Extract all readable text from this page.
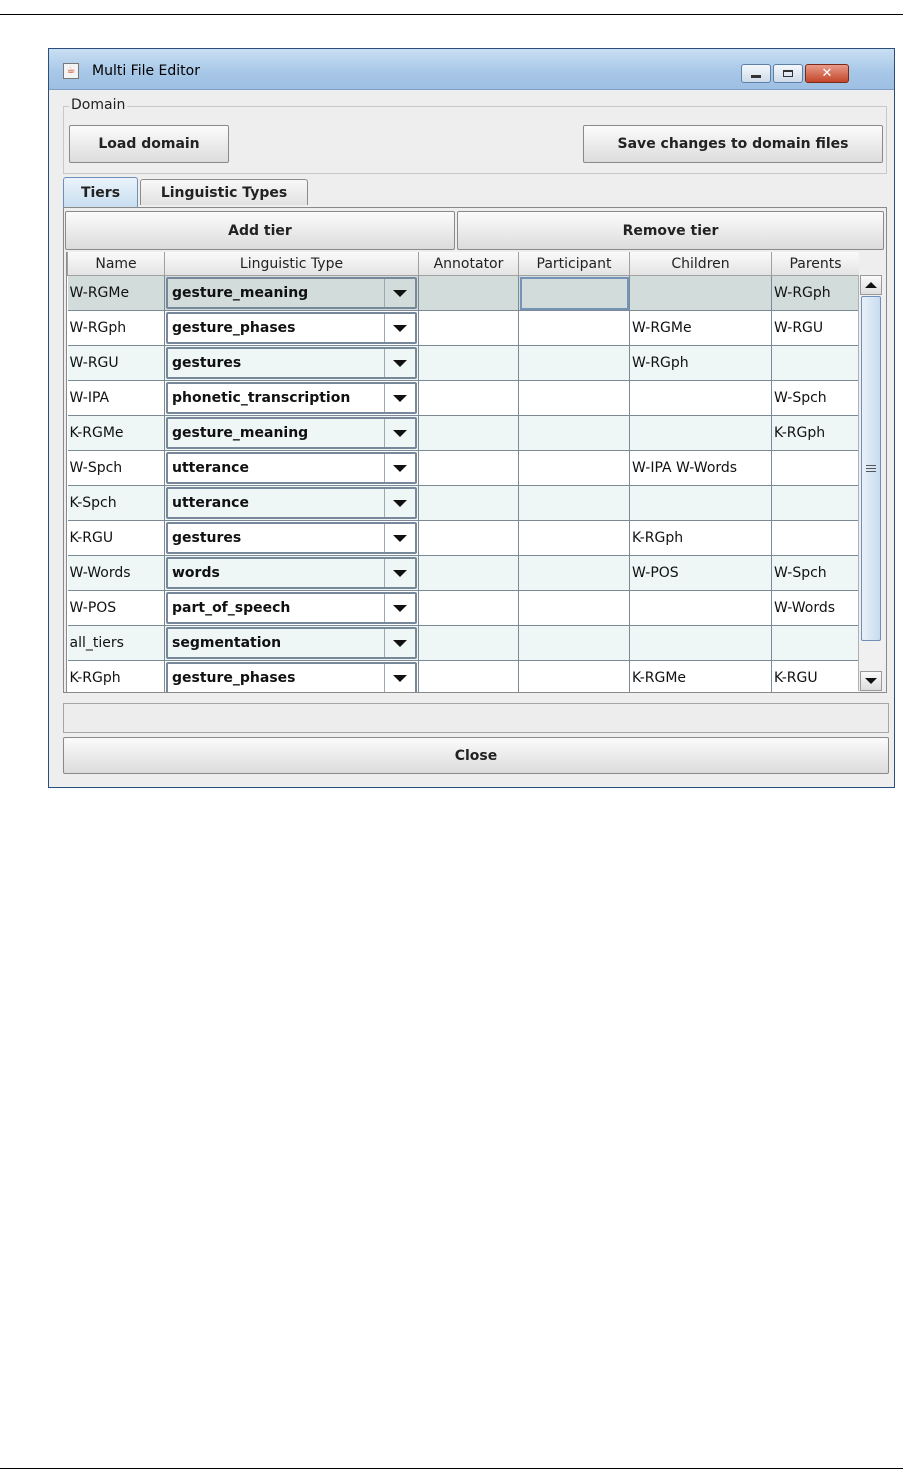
☕ Multi File Editor	✕
Domain
Load domain	Save changes to domain files
Linguistic Types
Tiers
Add tier	Remove tier
Name	Linguistic Type	Annotator	Participant	Children	Parents
W-RGMe	gesture_meaning				W-RGph
W-RGph	gesture_phases			W-RGMe	W-RGU
W-RGU	gestures			W-RGph	
W-IPA	phonetic_transcription				W-Spch
K-RGMe	gesture_meaning				K-RGph
W-Spch	utterance			W-IPA W-Words	
K-Spch	utterance				

K-RGU	gestures			K-RGph	
W-Words	words			W-POS	W-Spch
W-POS	part_of_speech				W-Words
all_tiers	segmentation				

K-RGph	gesture_phases			K-RGMe	K-RGU
Close
